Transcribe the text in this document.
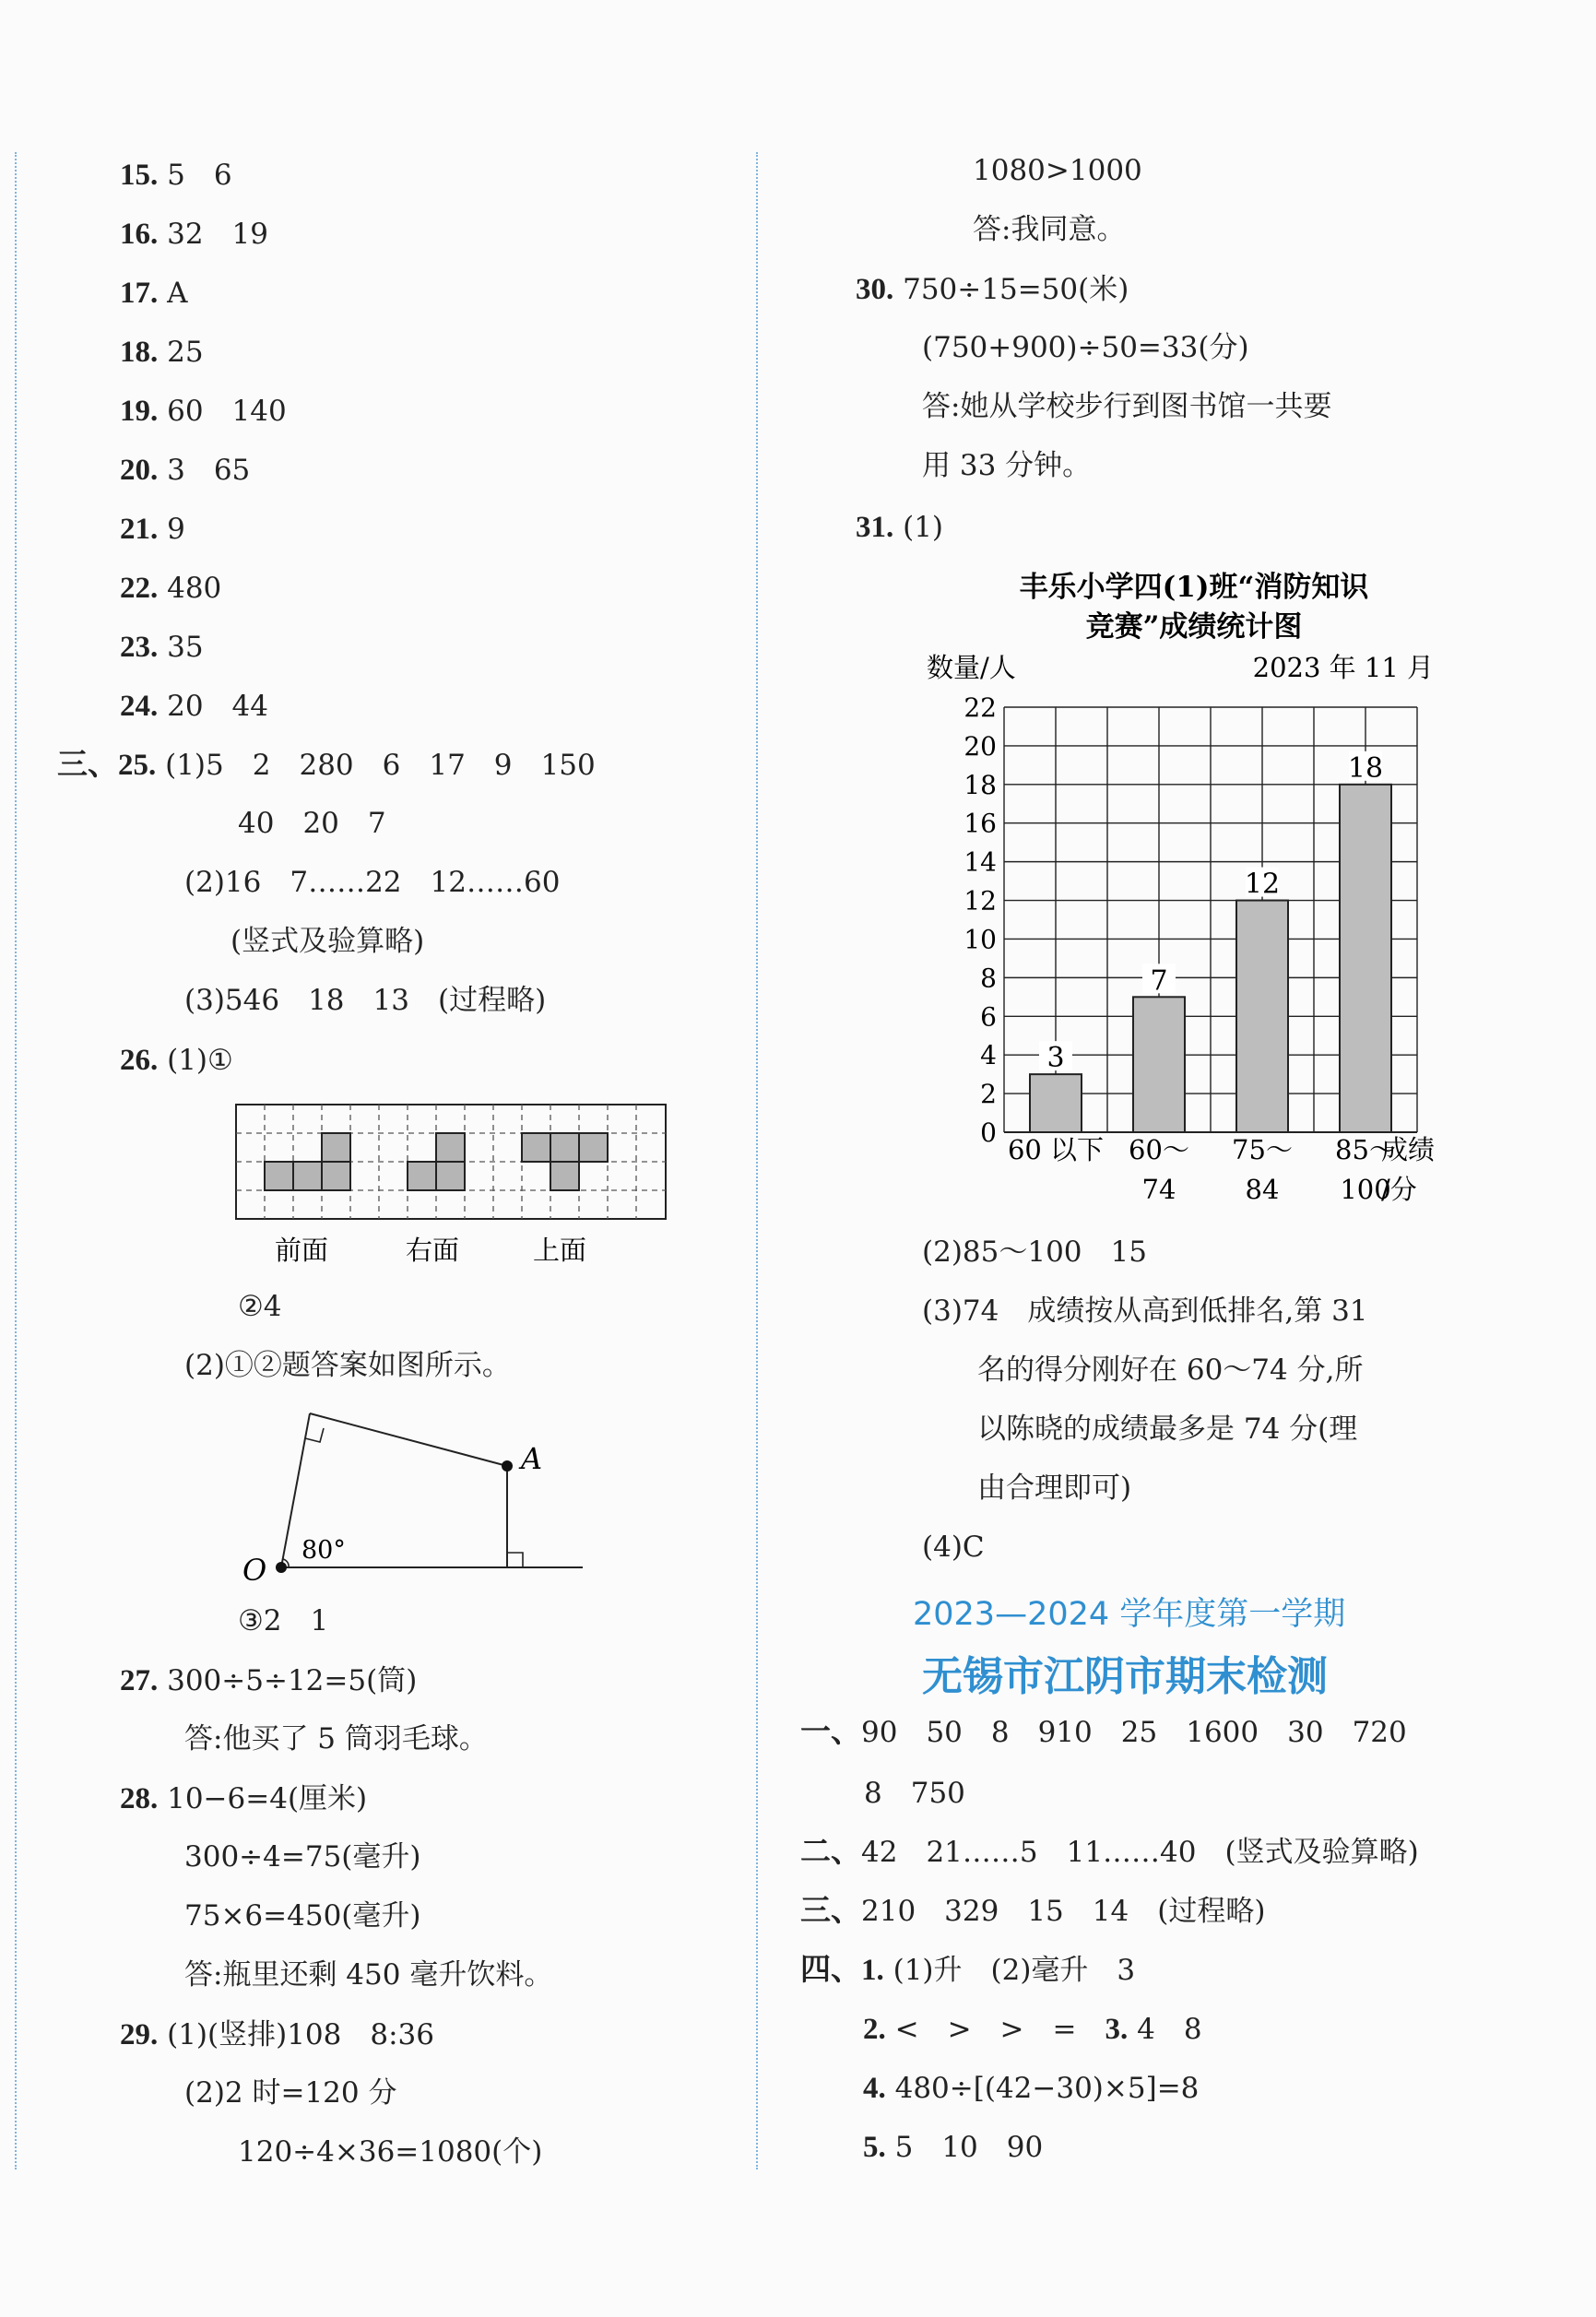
15. 5　6
16. 32　19
17. A
18. 25
19. 60　140
20. 3　65
21. 9
22. 480
23. 35
24. 20　44
三、25. (1)5　2　280　6　17　9　150
40　20　7
(2)16　7……22　12……60
(竖式及验算略)
(3)546　18　13　(过程略)
26. (1)①
前面	右面	上面
②4
(2)①②题答案如图所示。
A
O
80°
③2　1
27. 300÷5÷12=5(筒)
答:他买了 5 筒羽毛球。
28. 10−6=4(厘米)
300÷4=75(毫升)
75×6=450(毫升)
答:瓶里还剩 450 毫升饮料。
29. (1)(竖排)108　8:36
(2)2 时=120 分
120÷4×36=1080(个)
1080>1000
答:我同意。
30. 750÷15=50(米)
(750+900)÷50=33(分)
答:她从学校步行到图书馆一共要
用 33 分钟。
31. (1)
丰乐小学四(1)班“消防知识
竞赛”成绩统计图
数量/人	2023 年 11 月
0
2
4
6
8
10
12
14
16
18
20
22
3
7
12
18
60 以下 60～
74
75～
84
85～
100
成绩
/分
(2)85～100　15
(3)74　成绩按从高到低排名,第 31
名的得分刚好在 60～74 分,所
以陈晓的成绩最多是 74 分(理
由合理即可)
(4)C
2023—2024 学年度第一学期
无锡市江阴市期末检测
一、90　50　8　910　25　1600　30　720
8　750
二、42　21……5　11……40　(竖式及验算略)
三、210　329　15　14　(过程略)
四、1. (1)升　(2)毫升　3
2. <　>　>　=　 3. 4　8
4. 480÷[(42−30)×5]=8
5. 5　10　90
